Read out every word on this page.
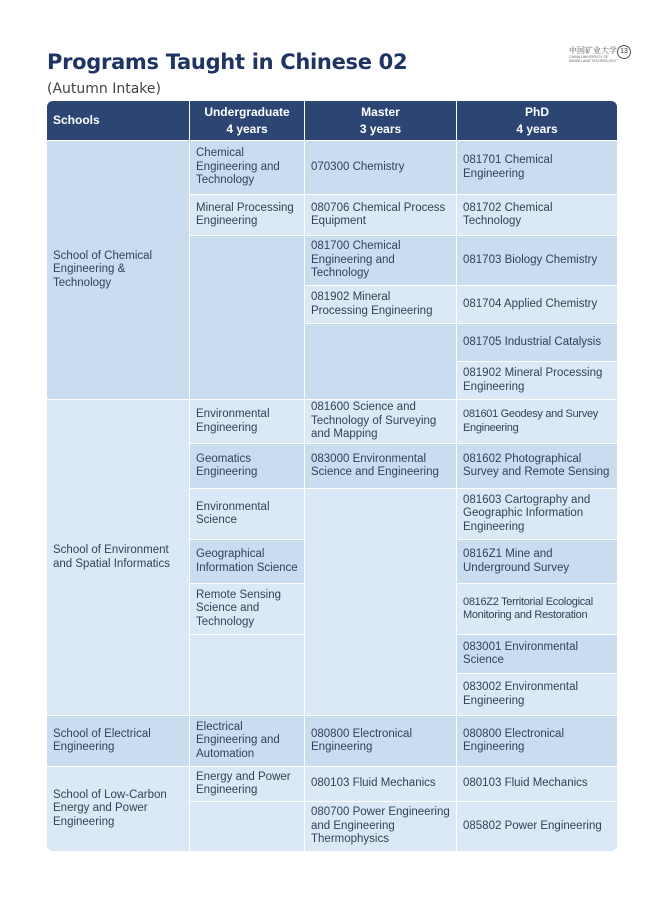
Programs Taught in Chinese 02
(Autumn Intake)
中国矿业大学
CHINA UNIVERSITY OF MINING AND TECHNOLOGY
13
Schools
Undergraduate
4 years
Master
3 years
PhD
4 years
School of Chemical Engineering & Technology
Chemical Engineering and Technology
Mineral Processing Engineering
070300 Chemistry
080706 Chemical Process Equipment
081700 Chemical Engineering and Technology
081902 Mineral Processing Engineering
081701 Chemical Engineering
081702 Chemical Technology
081703 Biology Chemistry
081704 Applied Chemistry
081705 Industrial Catalysis
081902 Mineral Processing Engineering
School of Environment and Spatial Informatics
Environmental Engineering
Geomatics Engineering
Environmental Science
Geographical Information Science
Remote Sensing Science and Technology
081600 Science and Technology of Surveying and Mapping
083000 Environmental Science and Engineering
081601 Geodesy and Survey Engineering
081602 Photographical Survey and Remote Sensing
081603 Cartography and Geographic Information Engineering
0816Z1 Mine and Underground Survey
0816Z2 Territorial Ecological Monitoring and Restoration
083001 Environmental Science
083002 Environmental Engineering
School of Electrical Engineering
Electrical Engineering and Automation
080800 Electronical Engineering
080800 Electronical Engineering
School of Low-Carbon Energy and Power Engineering
Energy and Power Engineering
080103 Fluid Mechanics
080700 Power Engineering and Engineering Thermophysics
080103 Fluid Mechanics
085802 Power Engineering
